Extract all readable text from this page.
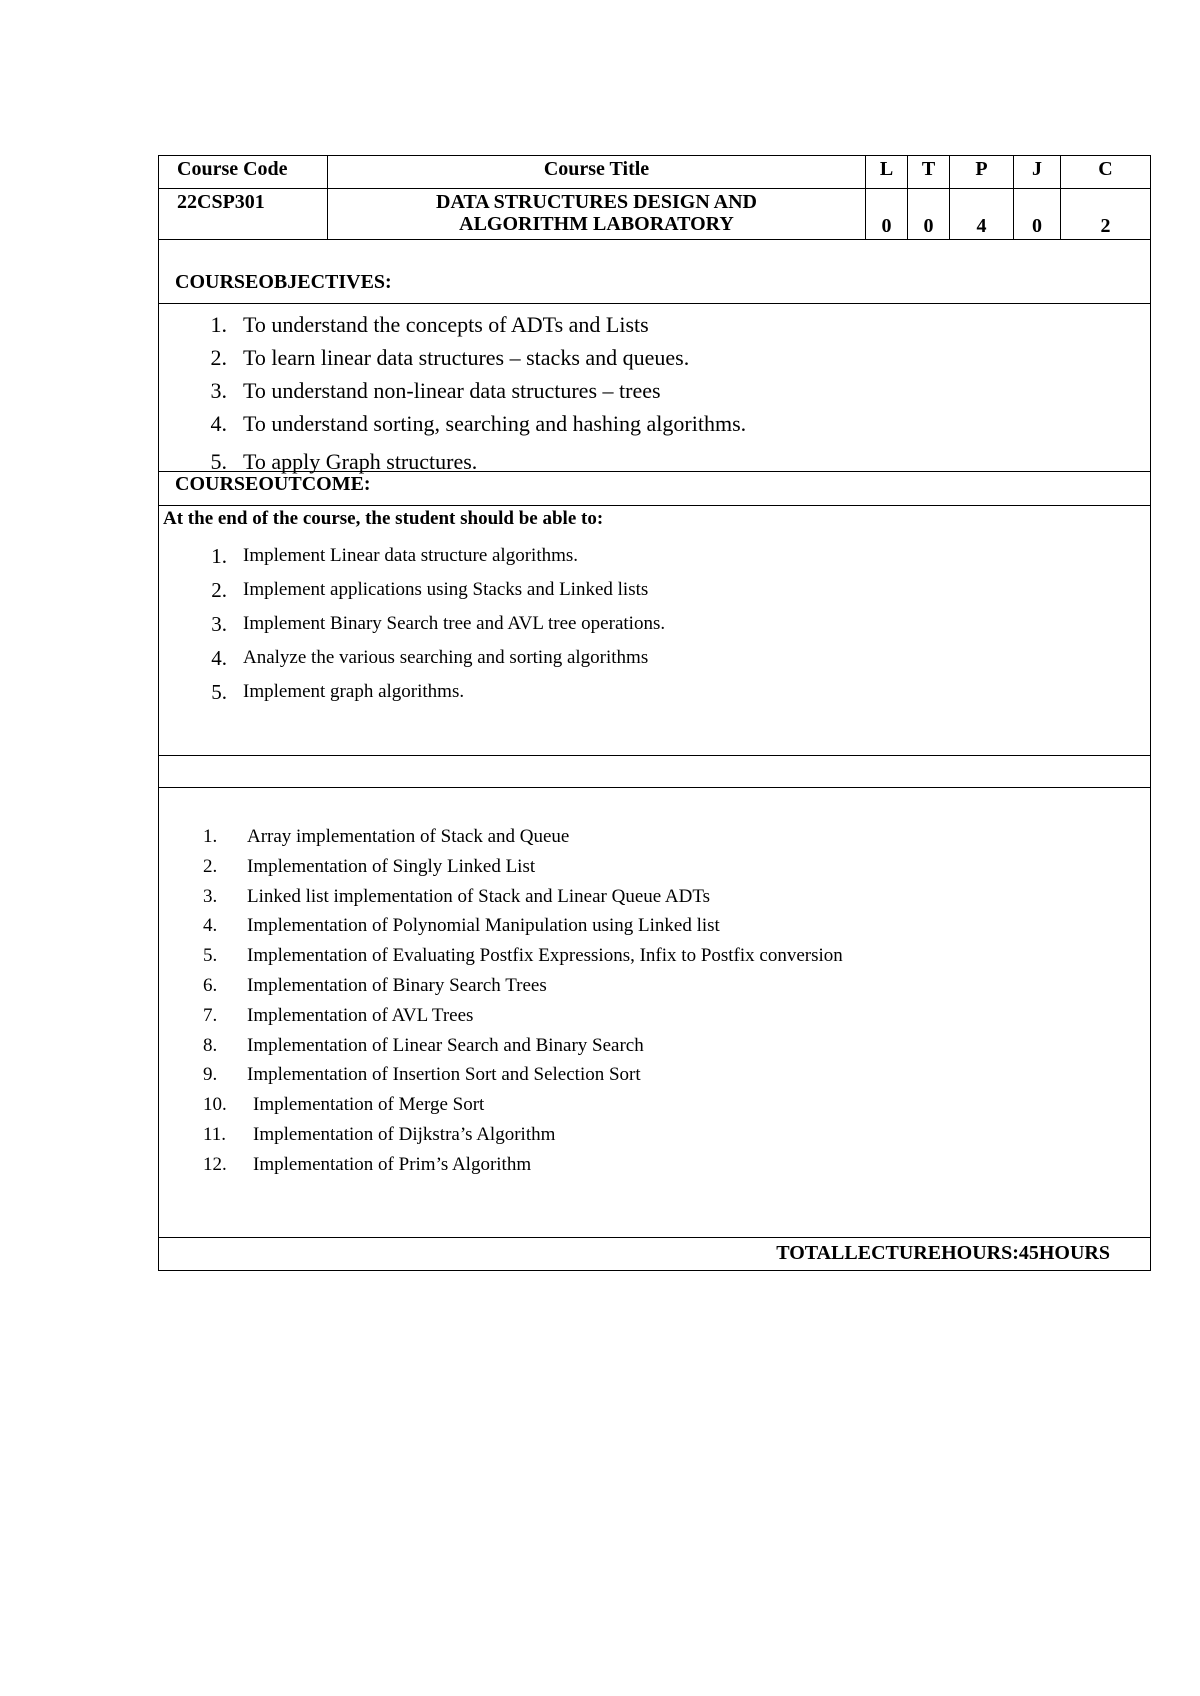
Course Code	Course Title	L	T	P	J	C
22CSP301	DATA STRUCTURES DESIGN AND
ALGORITHM LABORATORY	0	0	4	0	2
COURSEOBJECTIVES:
1. To understand the concepts of ADTs and Lists
2. To learn linear data structures – stacks and queues.
3. To understand non-linear data structures – trees
4. To understand sorting, searching and hashing algorithms.
5. To apply Graph structures.
COURSEOUTCOME:
At the end of the course, the student should be able to:
1. Implement Linear data structure algorithms.
2. Implement applications using Stacks and Linked lists
3. Implement Binary Search tree and AVL tree operations.
4. Analyze the various searching and sorting algorithms
5. Implement graph algorithms.
1.	Array implementation of Stack and Queue
2.	Implementation of Singly Linked List
3.	Linked list implementation of Stack and Linear Queue ADTs
4.	Implementation of Polynomial Manipulation using Linked list
5.	Implementation of Evaluating Postfix Expressions, Infix to Postfix conversion
6.	Implementation of Binary Search Trees
7.	Implementation of AVL Trees
8.	Implementation of Linear Search and Binary Search
9.	Implementation of Insertion Sort and Selection Sort
10.	Implementation of Merge Sort
11.	Implementation of Dijkstra’s Algorithm
12.	Implementation of Prim’s Algorithm
TOTALLECTUREHOURS:45HOURS
